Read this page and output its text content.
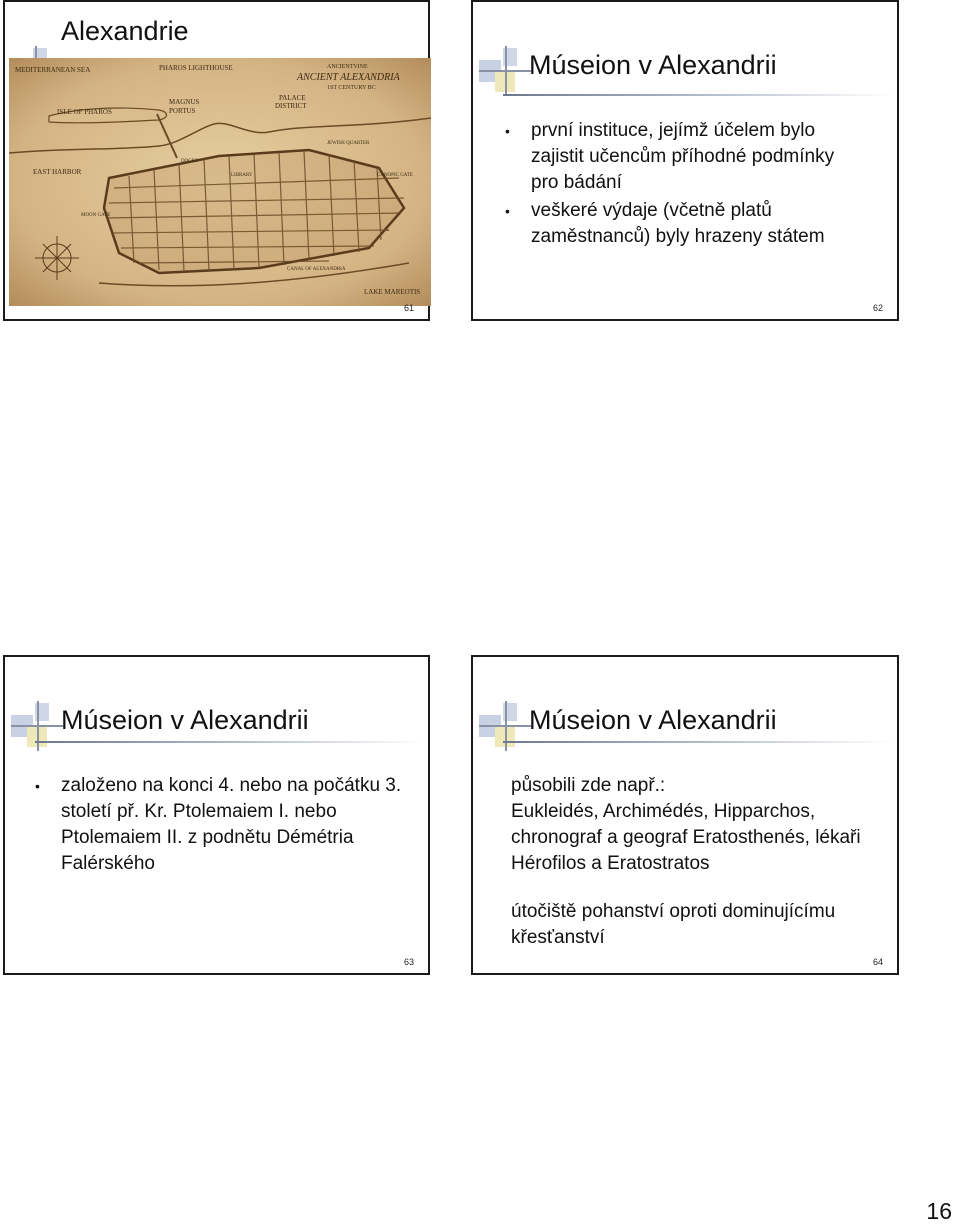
Alexandrie
MEDITERRANEAN SEA	PHAROS LIGHTHOUSE	ANCIENTVINE
ANCIENT ALEXANDRIA
1ST CENTURY BC
ISLE OF PHAROS
MAGNUS
PORTUS
PALACE
DISTRICT
EAST HARBOR
DOCKS
LIBRARY
MOON GATE
JEWISH QUARTER
CANOPIC GATE
CANAL OF ALEXANDRIA
LAKE MAREOTIS
61
Múseion v Alexandrii
• první instituce, jejímž účelem bylo zajistit učencům příhodné podmínky pro bádání
• veškeré výdaje (včetně platů zaměstnanců) byly hrazeny státem
62
Múseion v Alexandrii
• založeno na konci 4. nebo na počátku 3. století př. Kr. Ptolemaiem I. nebo Ptolemaiem II. z podnětu Démétria Falérského
63
Múseion v Alexandrii

působili zde např.:

Eukleidés, Archimédés, Hipparchos, chronograf a geograf Eratosthenés, lékaři Hérofilos a Eratostratos

útočiště pohanství oproti dominujícímu křesťanství

64
16
